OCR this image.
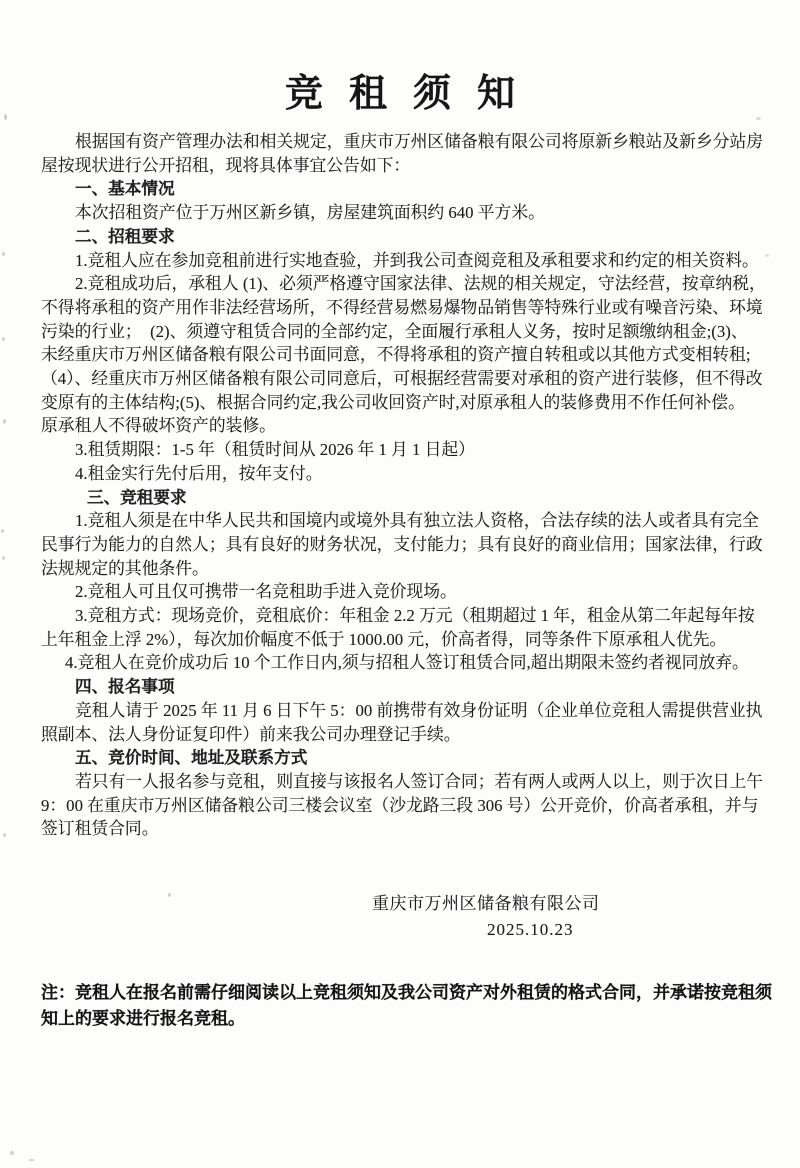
竞租须知
根据国有资产管理办法和相关规定，重庆市万州区储备粮有限公司将原新乡粮站及新乡分站房
屋按现状进行公开招租，现将具体事宜公告如下：
一、基本情况
本次招租资产位于万州区新乡镇，房屋建筑面积约 640 平方米。
二、招租要求
1.竞租人应在参加竞租前进行实地查验，并到我公司查阅竞租及承租要求和约定的相关资料。
2.竞租成功后，承租人 (1)、必须严格遵守国家法律、法规的相关规定，守法经营，按章纳税，
不得将承租的资产用作非法经营场所，不得经营易燃易爆物品销售等特殊行业或有噪音污染、环境
污染的行业；　(2)、须遵守租赁合同的全部约定，全面履行承租人义务，按时足额缴纳租金;(3)、
未经重庆市万州区储备粮有限公司书面同意，不得将承租的资产擅自转租或以其他方式变相转租;
（4）、经重庆市万州区储备粮有限公司同意后，可根据经营需要对承租的资产进行装修，但不得改
变原有的主体结构;(5)、根据合同约定,我公司收回资产时,对原承租人的装修费用不作任何补偿。
原承租人不得破坏资产的装修。
3.租赁期限：1-5 年（租赁时间从 2026 年 1 月 1 日起）
4.租金实行先付后用，按年支付。
三、竞租要求
1.竞租人须是在中华人民共和国境内或境外具有独立法人资格，合法存续的法人或者具有完全
民事行为能力的自然人；具有良好的财务状况，支付能力；具有良好的商业信用；国家法律，行政
法规规定的其他条件。
2.竞租人可且仅可携带一名竞租助手进入竞价现场。
3.竞租方式：现场竞价，竞租底价：年租金 2.2 万元（租期超过 1 年，租金从第二年起每年按
上年租金上浮 2%），每次加价幅度不低于 1000.00 元，价高者得，同等条件下原承租人优先。
4.竞租人在竞价成功后 10 个工作日内,须与招租人签订租赁合同,超出期限未签约者视同放弃。
四、报名事项
竞租人请于 2025 年 11 月 6 日下午 5：00 前携带有效身份证明（企业单位竞租人需提供营业执
照副本、法人身份证复印件）前来我公司办理登记手续。
五、竞价时间、地址及联系方式
若只有一人报名参与竞租，则直接与该报名人签订合同；若有两人或两人以上，则于次日上午
9：00 在重庆市万州区储备粮公司三楼会议室（沙龙路三段 306 号）公开竞价，价高者承租，并与
签订租赁合同。
重庆市万州区储备粮有限公司
2025.10.23
注：竞租人在报名前需仔细阅读以上竞租须知及我公司资产对外租赁的格式合同，并承诺按竞租须
知上的要求进行报名竞租。
